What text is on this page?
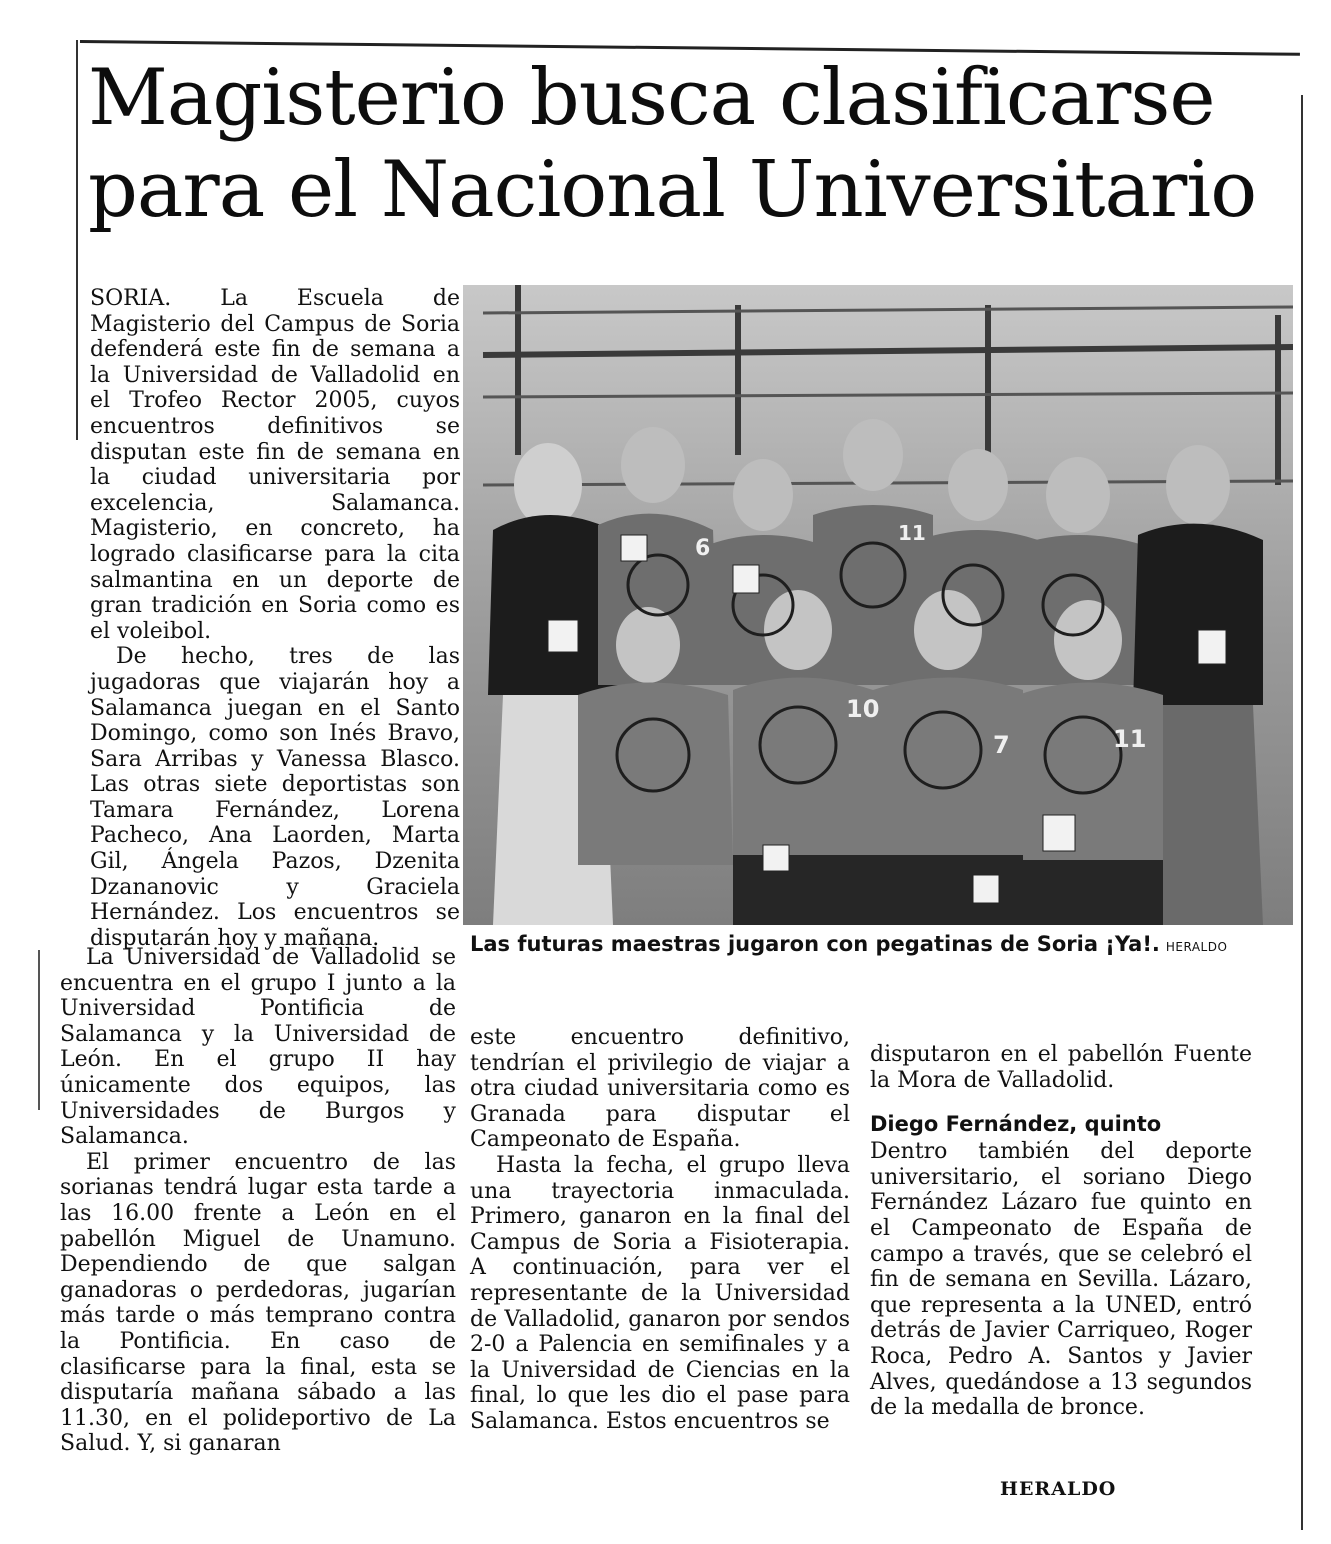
Magisterio busca clasificarse
para el Nacional Universitario

SORIA. La Escuela de Magisterio del Campus de Soria defenderá este fin de semana a la Universidad de Valladolid en el Trofeo Rector 2005, cuyos encuentros definitivos se disputan este fin de semana en la ciudad universitaria por excelencia, Salamanca. Magisterio, en concreto, ha logrado clasificarse para la cita salmantina en un deporte de gran tradición en Soria como es el voleibol.

De hecho, tres de las jugadoras que viajarán hoy a Salamanca juegan en el Santo Domingo, como son Inés Bravo, Sara Arribas y Vanessa Blasco. Las otras siete deportistas son Tamara Fernández, Lorena Pacheco, Ana Laorden, Marta Gil, Ángela Pazos, Dzenita Dzananovic y Graciela Hernández. Los encuentros se disputarán hoy y mañana.

6
11
10
7	11
Las futuras maestras jugaron con pegatinas de Soria ¡Ya!. HERALDO

La Universidad de Valladolid se encuentra en el grupo I junto a la Universidad Pontificia de Salamanca y la Universidad de León. En el grupo II hay únicamente dos equipos, las Universidades de Burgos y Salamanca.

El primer encuentro de las sorianas tendrá lugar esta tarde a las 16.00 frente a León en el pabellón Miguel de Unamuno. Dependiendo de que salgan ganadoras o perdedoras, jugarían más tarde o más temprano contra la Pontificia. En caso de clasificarse para la final, esta se disputaría mañana sábado a las 11.30, en el polideportivo de La Salud. Y, si ganaran

este encuentro definitivo, tendrían el privilegio de viajar a otra ciudad universitaria como es Granada para disputar el Campeonato de España.

Hasta la fecha, el grupo lleva una trayectoria inmaculada. Primero, ganaron en la final del Campus de Soria a Fisioterapia. A continuación, para ver el representante de la Universidad de Valladolid, ganaron por sendos 2-0 a Palencia en semifinales y a la Universidad de Ciencias en la final, lo que les dio el pase para Salamanca. Estos encuentros se

disputaron en el pabellón Fuente la Mora de Valladolid.

Diego Fernández, quinto

Dentro también del deporte universitario, el soriano Diego Fernández Lázaro fue quinto en el Campeonato de España de campo a través, que se celebró el fin de semana en Sevilla. Lázaro, que representa a la UNED, entró detrás de Javier Carriqueo, Roger Roca, Pedro A. Santos y Javier Alves, quedándose a 13 segundos de la medalla de bronce.

HERALDO
